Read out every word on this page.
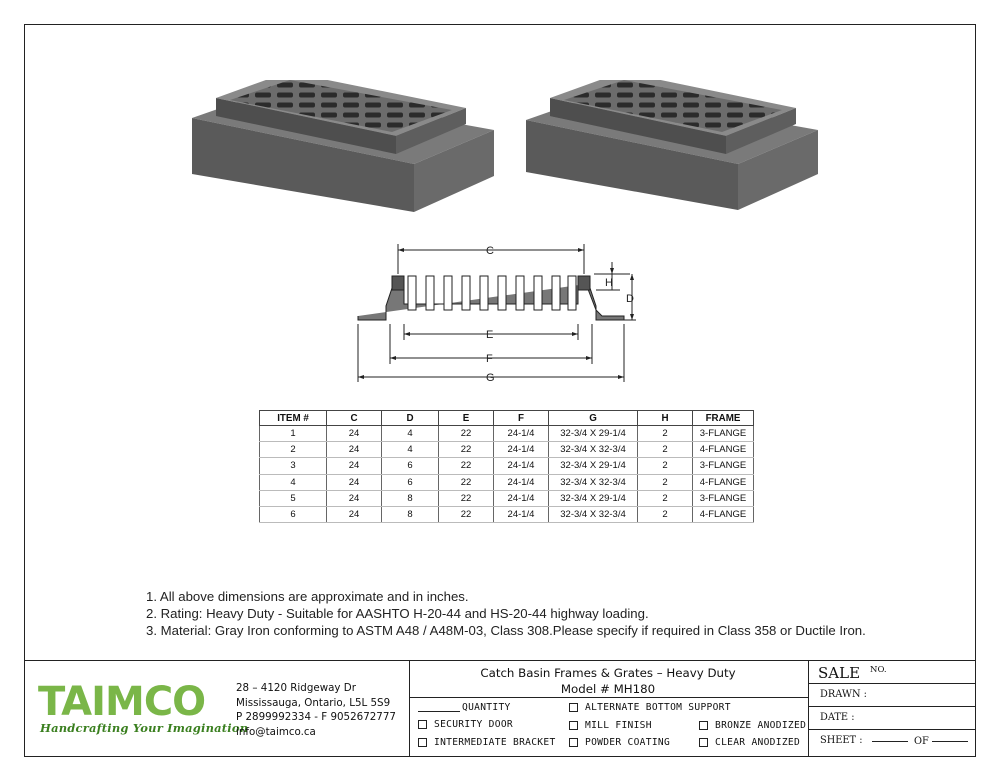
C
E
F
G
H
D
ITEM #	C	D	E	F	G	H	FRAME
1	24	4	22	24-1/4	32-3/4 X 29-1/4	2	3-FLANGE
2	24	4	22	24-1/4	32-3/4 X 32-3/4	2	4-FLANGE
3	24	6	22	24-1/4	32-3/4 X 29-1/4	2	3-FLANGE
4	24	6	22	24-1/4	32-3/4 X 32-3/4	2	4-FLANGE
5	24	8	22	24-1/4	32-3/4 X 29-1/4	2	3-FLANGE
6	24	8	22	24-1/4	32-3/4 X 32-3/4	2	4-FLANGE
1. All above dimensions are approximate and in inches.
2. Rating: Heavy Duty - Suitable for AASHTO H-20-44 and HS-20-44 highway loading.
3. Material: Gray Iron conforming to ASTM A48 / A48M-03, Class 308.Please specify if required in Class 358 or Ductile Iron.
TAIMCO
Handcrafting Your Imagination
28 – 4120 Ridgeway Dr
Mississauga, Ontario, L5L 5S9
P 2899992334 - F 9052672777
info@taimco.ca
Catch Basin Frames & Grates – Heavy Duty
Model # MH180
QUANTITY
SECURITY DOOR
INTERMEDIATE BRACKET
ALTERNATE BOTTOM SUPPORT
MILL FINISH
POWDER COATING
BRONZE ANODIZED
CLEAR ANODIZED
SALE NO.
DRAWN :
DATE :
SHEET :	OF
